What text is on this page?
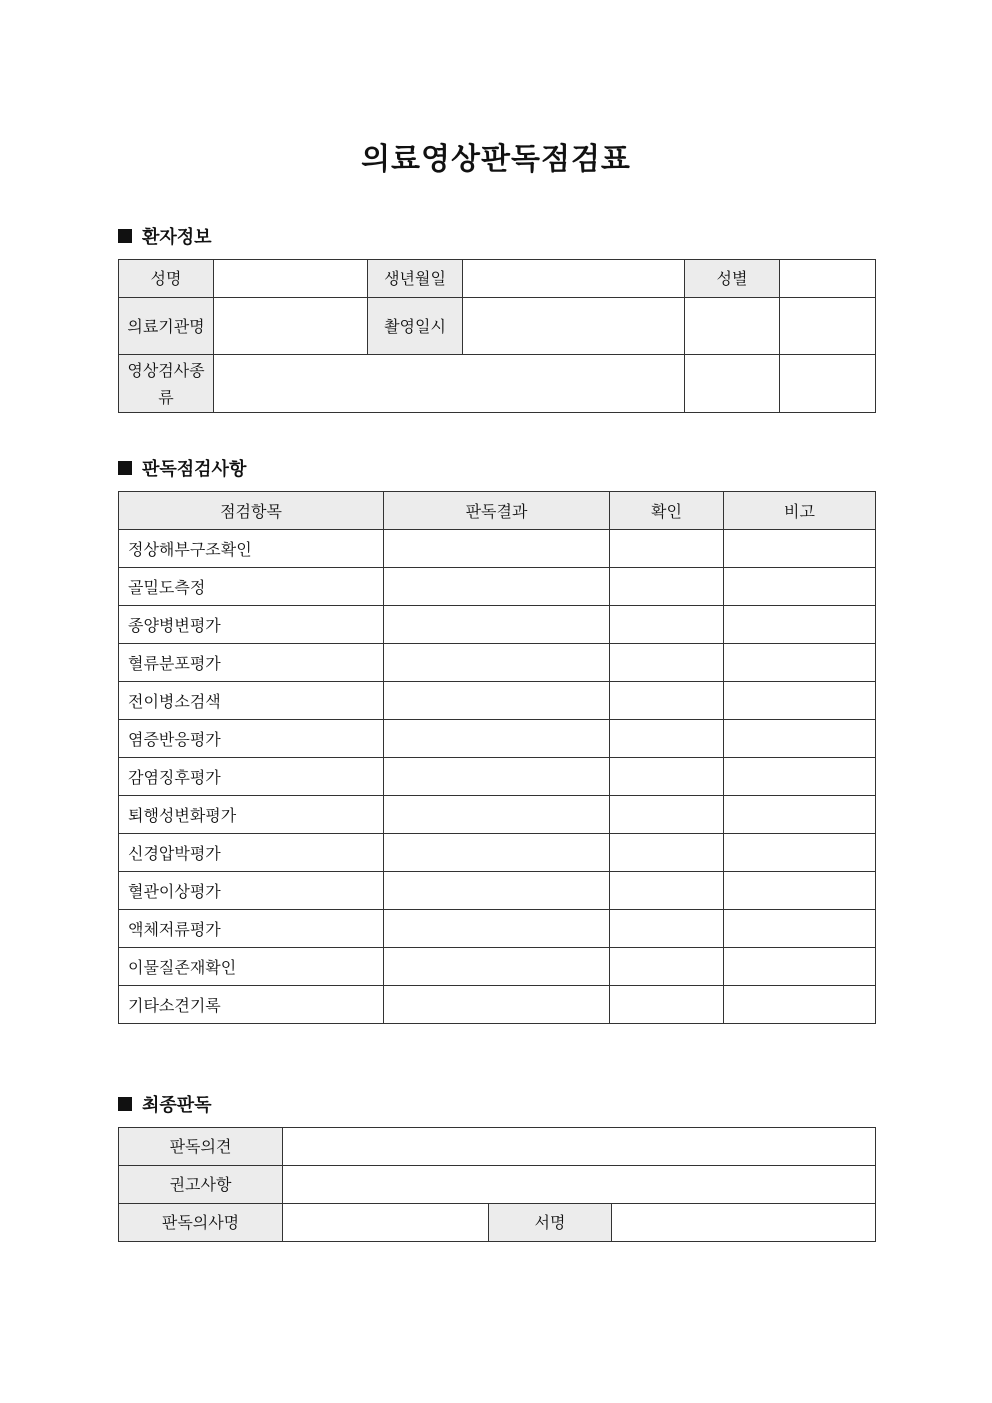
의료영상판독점검표
환자정보
성명		생년월일		성별	
의료기관명		촬영일시			
영상검사종류					
판독점검사항
점검항목	판독결과	확인	비고
정상해부구조확인			
골밀도측정			
종양병변평가			
혈류분포평가			
전이병소검색			
염증반응평가			
감염징후평가			
퇴행성변화평가			
신경압박평가			
혈관이상평가			
액체저류평가			
이물질존재확인			
기타소견기록			
최종판독
판독의견			
권고사항			
판독의사명		서명	
